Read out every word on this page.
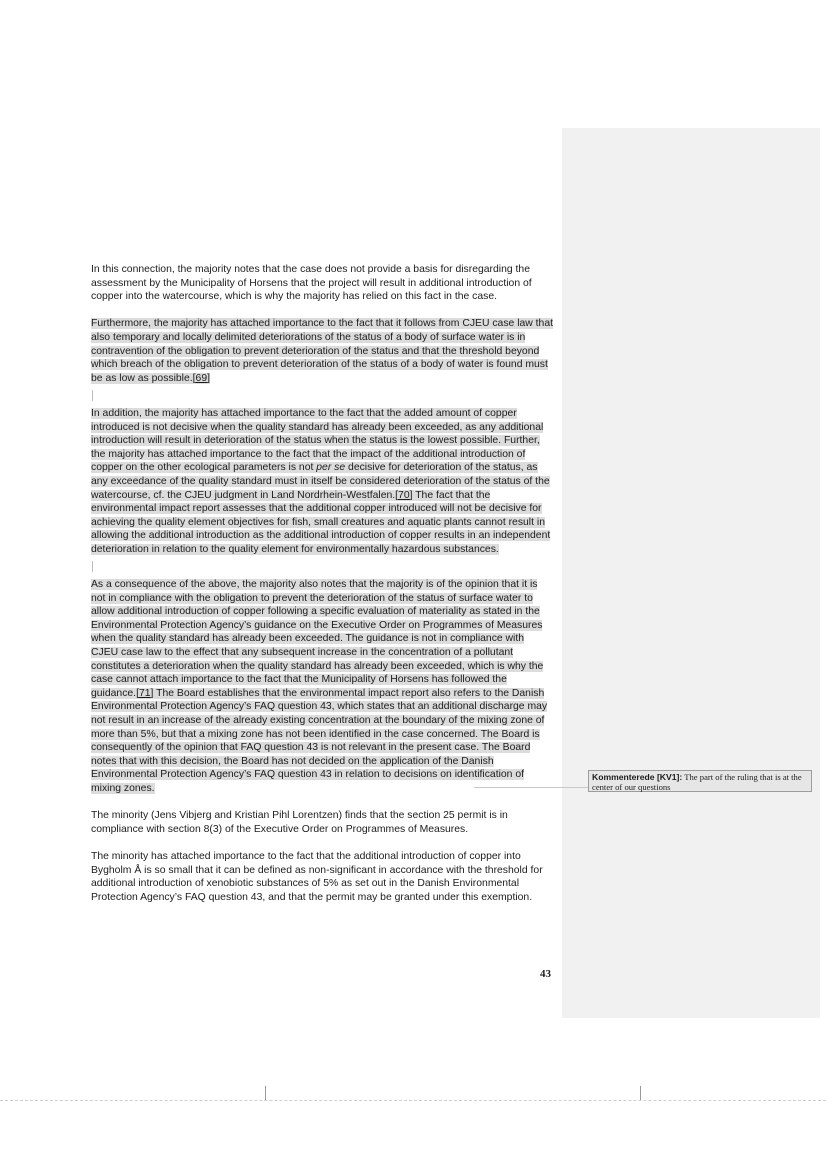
In this connection, the majority notes that the case does not provide a basis for disregarding the assessment by the Municipality of Horsens that the project will result in additional introduction of copper into the watercourse, which is why the majority has relied on this fact in the case.

Furthermore, the majority has attached importance to the fact that it follows from CJEU case law that also temporary and locally delimited deteriorations of the status of a body of surface water is in contravention of the obligation to prevent deterioration of the status and that the threshold beyond which breach of the obligation to prevent deterioration of the status of a body of water is found must be as low as possible.[69]

In addition, the majority has attached importance to the fact that the added amount of copper introduced is not decisive when the quality standard has already been exceeded, as any additional introduction will result in deterioration of the status when the status is the lowest possible. Further, the majority has attached importance to the fact that the impact of the additional introduction of copper on the other ecological parameters is not per se decisive for deterioration of the status, as any exceedance of the quality standard must in itself be considered deterioration of the status of the watercourse, cf. the CJEU judgment in Land Nordrhein-Westfalen.[70] The fact that the environmental impact report assesses that the additional copper introduced will not be decisive for achieving the quality element objectives for fish, small creatures and aquatic plants cannot result in allowing the additional introduction as the additional introduction of copper results in an independent deterioration in relation to the quality element for environmentally hazardous substances.

As a consequence of the above, the majority also notes that the majority is of the opinion that it is not in compliance with the obligation to prevent the deterioration of the status of surface water to allow additional introduction of copper following a specific evaluation of materiality as stated in the Environmental Protection Agency’s guidance on the Executive Order on Programmes of Measures when the quality standard has already been exceeded. The guidance is not in compliance with CJEU case law to the effect that any subsequent increase in the concentration of a pollutant constitutes a deterioration when the quality standard has already been exceeded, which is why the case cannot attach importance to the fact that the Municipality of Horsens has followed the guidance.[71] The Board establishes that the environmental impact report also refers to the Danish Environmental Protection Agency’s FAQ question 43, which states that an additional discharge may not result in an increase of the already existing concentration at the boundary of the mixing zone of more than 5%, but that a mixing zone has not been identified in the case concerned. The Board is consequently of the opinion that FAQ question 43 is not relevant in the present case. The Board notes that with this decision, the Board has not decided on the application of the Danish Environmental Protection Agency’s FAQ question 43 in relation to decisions on identification of mixing zones.

The minority (Jens Vibjerg and Kristian Pihl Lorentzen) finds that the section 25 permit is in compliance with section 8(3) of the Executive Order on Programmes of Measures.

The minority has attached importance to the fact that the additional introduction of copper into Bygholm Å is so small that it can be defined as non-significant in accordance with the threshold for additional introduction of xenobiotic substances of 5% as set out in the Danish Environmental Protection Agency’s FAQ question 43, and that the permit may be granted under this exemption.

Kommenterede [KV1]: The part of the ruling that is at the center of our questions
43
